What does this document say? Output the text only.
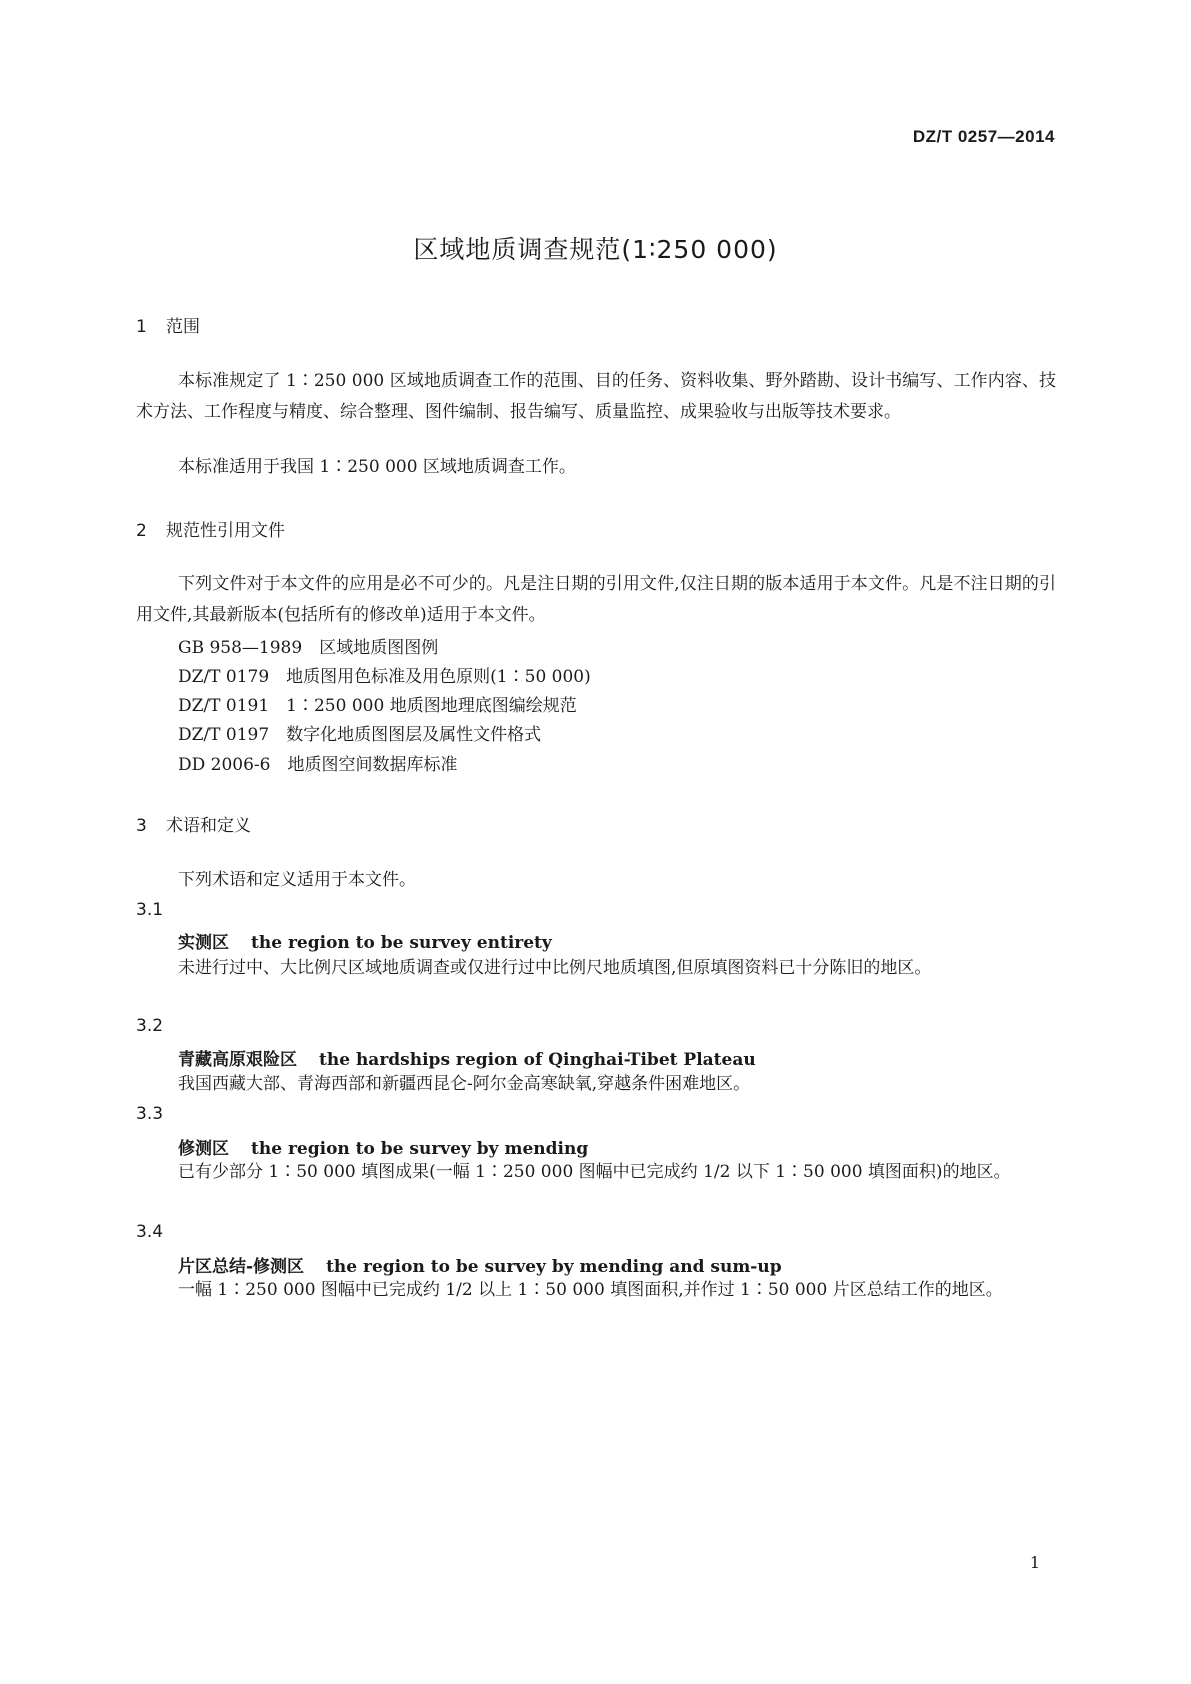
DZ/T 0257—2014
区域地质调查规范(1∶250 000)
1 范围
本标准规定了 1∶250 000 区域地质调查工作的范围、目的任务、资料收集、野外踏勘、设计书编写、工作内容、技术方法、工作程度与精度、综合整理、图件编制、报告编写、质量监控、成果验收与出版等技术要求。
本标准适用于我国 1∶250 000 区域地质调查工作。
2 规范性引用文件
下列文件对于本文件的应用是必不可少的。凡是注日期的引用文件,仅注日期的版本适用于本文件。凡是不注日期的引用文件,其最新版本(包括所有的修改单)适用于本文件。
GB 958—1989　区域地质图图例
DZ/T 0179　地质图用色标准及用色原则(1∶50 000)
DZ/T 0191　1∶250 000 地质图地理底图编绘规范
DZ/T 0197　数字化地质图图层及属性文件格式
DD 2006-6　地质图空间数据库标准
3 术语和定义
下列术语和定义适用于本文件。
3.1
实测区 the region to be survey entirety
未进行过中、大比例尺区域地质调查或仅进行过中比例尺地质填图,但原填图资料已十分陈旧的地区。
3.2
青藏高原艰险区 the hardships region of Qinghai-Tibet Plateau
我国西藏大部、青海西部和新疆西昆仑-阿尔金高寒缺氧,穿越条件困难地区。
3.3
修测区 the region to be survey by mending
已有少部分 1∶50 000 填图成果(一幅 1∶250 000 图幅中已完成约 1/2 以下 1∶50 000 填图面积)的地区。
3.4
片区总结-修测区 the region to be survey by mending and sum-up
一幅 1∶250 000 图幅中已完成约 1/2 以上 1∶50 000 填图面积,并作过 1∶50 000 片区总结工作的地区。
1
